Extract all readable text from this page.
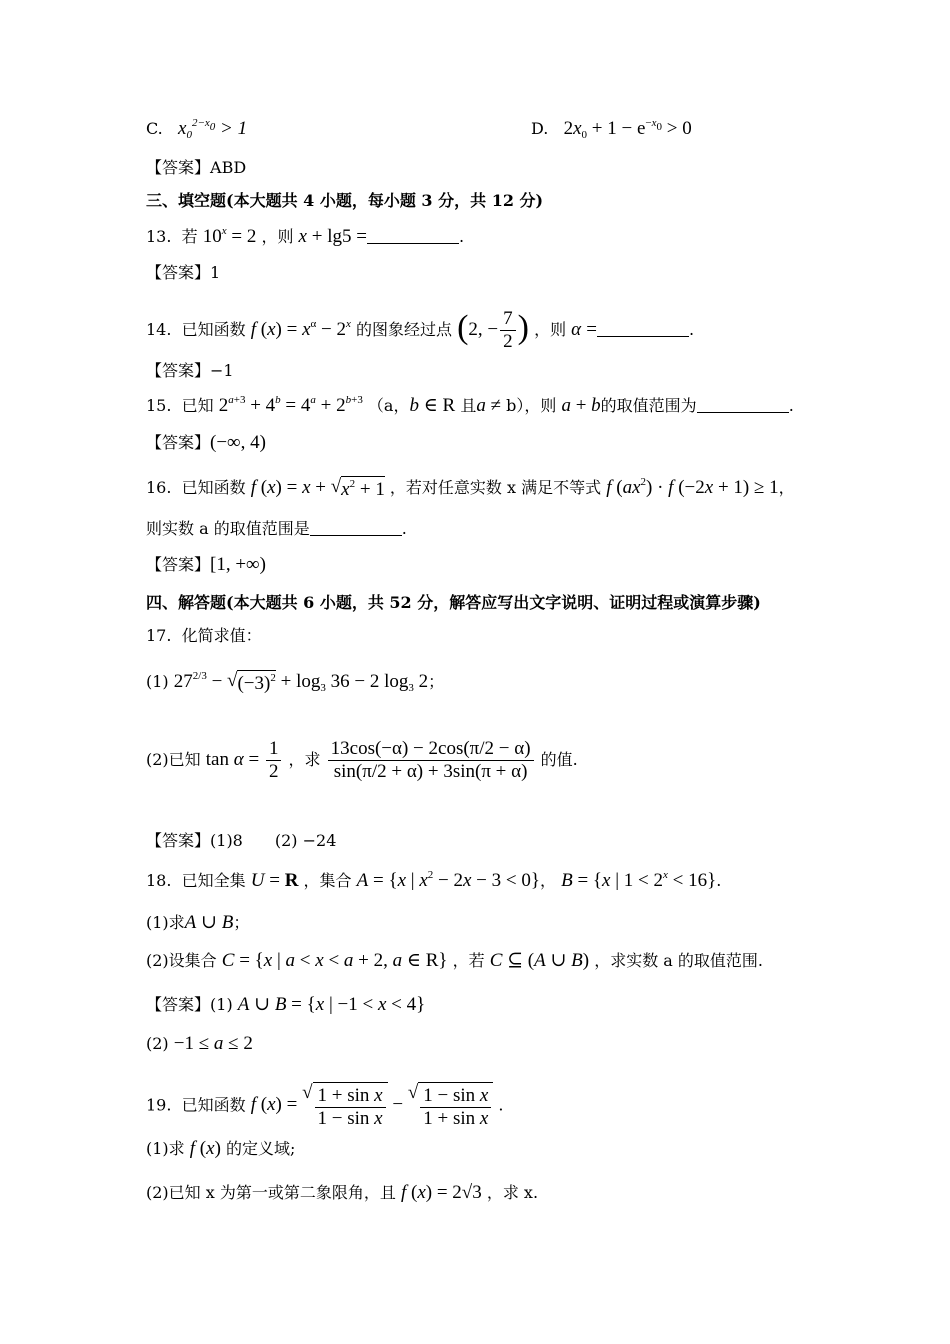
C. $x_0^{2-x_0} > 1$	D. $2x_0 + 1 - e^{-x_0} > 0$
【答案】ABD
三、填空题(本大题共 4 小题，每小题 3 分，共 12 分)
13. 若 $10^x = 2$ ，则 x + lg5 =	.
【答案】1
14. 已知函数 f $(x) = x^\alpha - 2^x$ 的图象经过点 (2, − $\frac{7}{2}$ ) ，则 α =	.
【答案】−1
15. 已知 $2^{a+3} + 4^b = 4^a + 2^{b+3}$ （a，b ∈ R 且a ≠ b），则 a + b的取值范围为	.
【答案】(−∞, 4)
16. 已知函数 f (x) = x + √ $x^2 + 1$ ，若对任意实数 x 满足不等式 f $(ax^2) \cdot f$ (−2x + 1) ≥ 1，
则实数 a 的取值范围是	.
【答案】[1, +∞)
四、解答题(本大题共 6 小题，共 52 分，解答应写出文字说明、证明过程或演算步骤)
17. 化简求值：
(1) $27^{2/3}$ − √ $(-3)^2 + \log_3 36 - 2$ $\log_3 2$；
(2)已知 $\tan \alpha = \frac{1}{2}$ ，求 $\frac{13\cos(-\alpha) - 2\cos(\pi/2 - \alpha)}{\sin(\pi/2 + \alpha) + 3\sin(\pi + \alpha)}$ 的值.
【答案】(1)8　　(2) −24
18. 已知全集 U = R ，集合 A = {x | $x^2 - 2x - 3 < 0$}， B = {x | $1 < 2^x < 16$}.
(1)求A ∪ B；
(2)设集合 C = {x | a < x < a + 2, a ∈ R} ，若 C ⊆ (A ∪ B) ，求实数 a 的取值范围.
【答案】(1) A ∪ B = {x | −1 < x < 4}
(2) −1 ≤ a ≤ 2
19. 已知函数 f (x) =
√ $\frac{\text{1 + sin x}}{\text{1 − sin x}}$ −
√ $\frac{\text{1 − sin x}}{\text{1 + sin x}}$ .
(1)求 f (x) 的定义域;
(2)已知 x 为第一或第二象限角，且 f (x) = 2√3 ，求 x.
